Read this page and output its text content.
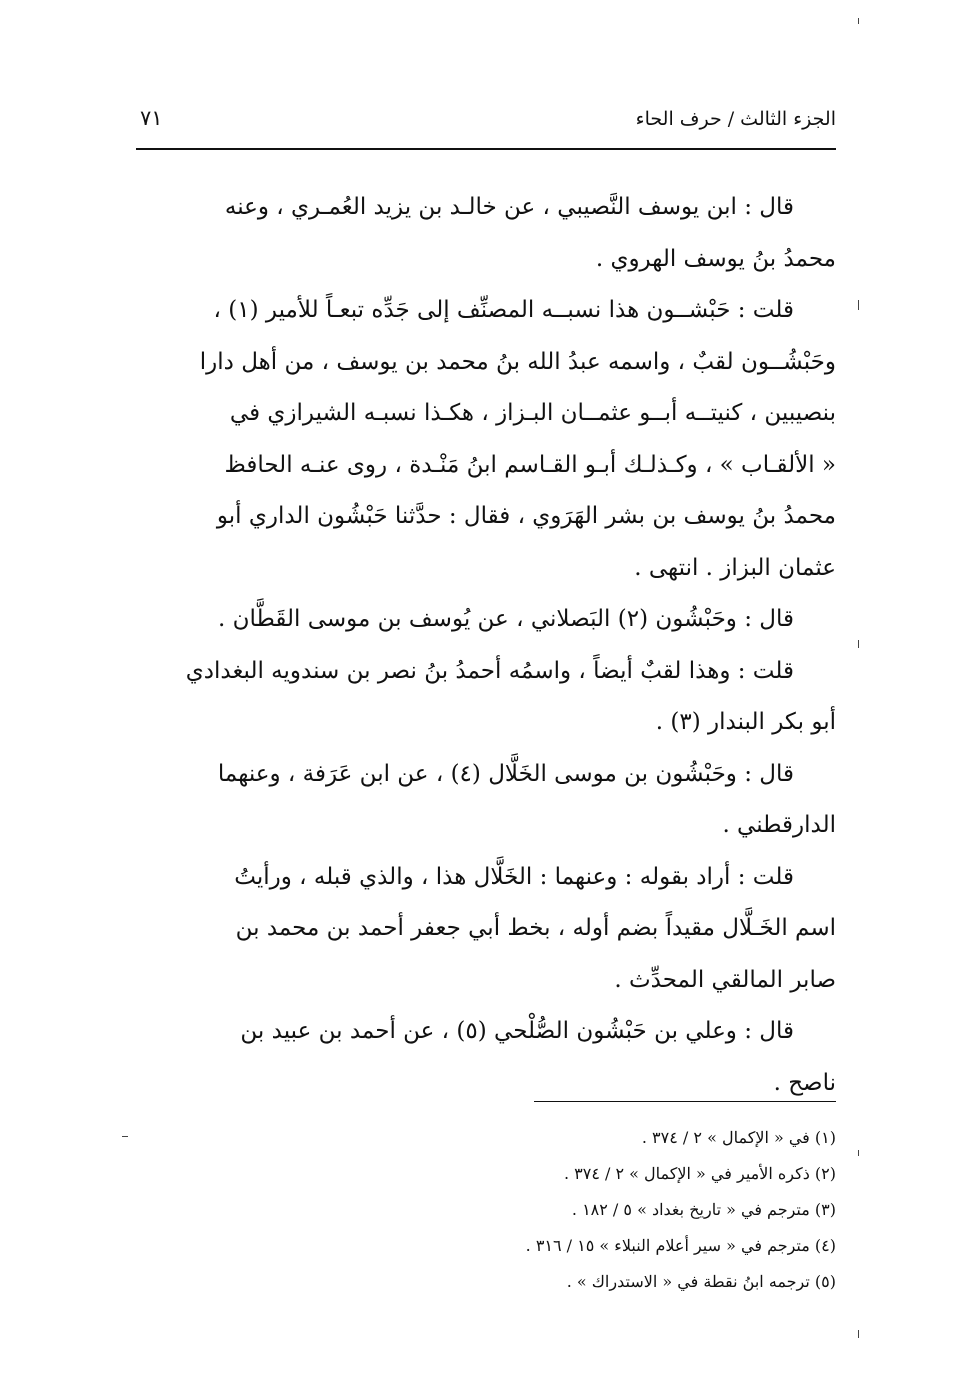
الجزء الثالث / حرف الحاء
٧١
قال : ابن يوسف النَّصيبي ، عن خالـد بن يزيد العُمـري ، وعنه
محمدُ بنُ يوسف الهروي .
قلت : حَبْشــون هذا نسبــه المصنِّف إلى جَدِّه تبعـاً للأمير (١) ،
وحَبْشُــون لقبٌ ، واسمه عبدُ الله بنُ محمد بن يوسف ، من أهل دارا
بنصيبين ، كنيتــه أبــو عثمــان البـزاز ، هكـذا نسبـه الشيرازي في
« الألقـاب » ، وكـذلـك أبـو القـاسم ابنُ مَنْـدة ، روى عنـه الحافظ
محمدُ بنُ يوسف بن بشر الهَرَوي ، فقال : حدَّثنا حَبْشُون الداري أبو
عثمان البزاز . انتهى .
قال : وحَبْشُون (٢) البَصلاني ، عن يُوسف بن موسى القَطَّان .
قلت : وهذا لقبٌ أيضاً ، واسمُه أحمدُ بنُ نصر بن سندويه البغدادي
أبو بكر البندار (٣) .
قال : وحَبْشُون بن موسى الخَلَّال (٤) ، عن ابن عَرَفة ، وعنهما
الدارقطني .
قلت : أراد بقوله : وعنهما : الخَلَّال هذا ، والذي قبله ، ورأيتُ
اسم الخَـلَّال مقيداً بضم أوله ، بخط أبي جعفر أحمد بن محمد بن
صابر المالقي المحدِّث .
قال : وعلي بن حَبْشُون الصُّلْحي (٥) ، عن أحمد بن عبيد بن
ناصح .
(١) في « الإكمال » ٢ / ٣٧٤ .
(٢) ذكره الأمير في « الإكمال » ٢ / ٣٧٤ .
(٣) مترجم في « تاريخ بغداد » ٥ / ١٨٢ .
(٤) مترجم في « سير أعلام النبلاء » ١٥ / ٣١٦ .
(٥) ترجمه ابنُ نقطة في « الاستدراك » .
